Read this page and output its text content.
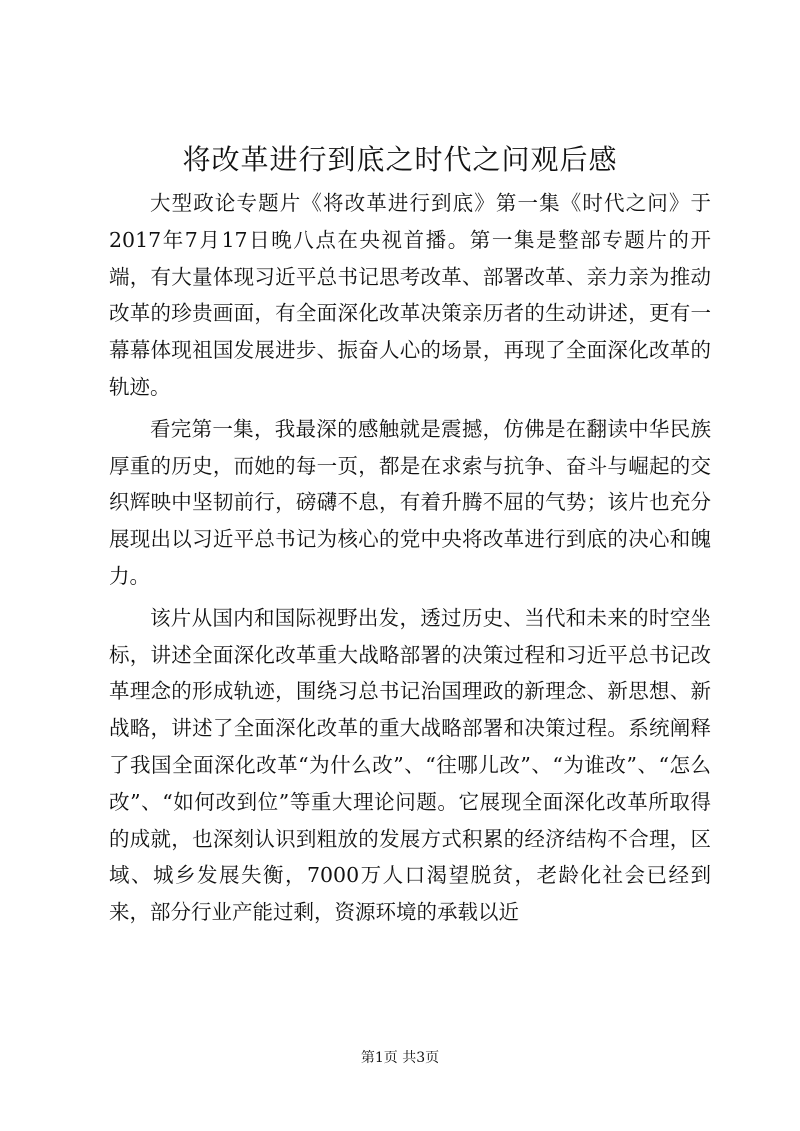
将改革进行到底之时代之问观后感

大型政论专题片《将改革进行到底》第一集《时代之问》于2017年7月17日晚八点在央视首播。第一集是整部专题片的开端，有大量体现习近平总书记思考改革、部署改革、亲力亲为推动改革的珍贵画面，有全面深化改革决策亲历者的生动讲述，更有一幕幕体现祖国发展进步、振奋人心的场景，再现了全面深化改革的轨迹。

看完第一集，我最深的感触就是震撼，仿佛是在翻读中华民族厚重的历史，而她的每一页，都是在求索与抗争、奋斗与崛起的交织辉映中坚韧前行，磅礴不息，有着升腾不屈的气势；该片也充分展现出以习近平总书记为核心的党中央将改革进行到底的决心和魄力。

该片从国内和国际视野出发，透过历史、当代和未来的时空坐标，讲述全面深化改革重大战略部署的决策过程和习近平总书记改革理念的形成轨迹，围绕习总书记治国理政的新理念、新思想、新战略，讲述了全面深化改革的重大战略部署和决策过程。系统阐释了我国全面深化改革“为什么改”、“往哪儿改”、“为谁改”、“怎么改”、“如何改到位”等重大理论问题。它展现全面深化改革所取得的成就，也深刻认识到粗放的发展方式积累的经济结构不合理，区域、城乡发展失衡，7000万人口渴望脱贫，老龄化社会已经到来，部分行业产能过剩，资源环境的承载以近

第1页 共3页
